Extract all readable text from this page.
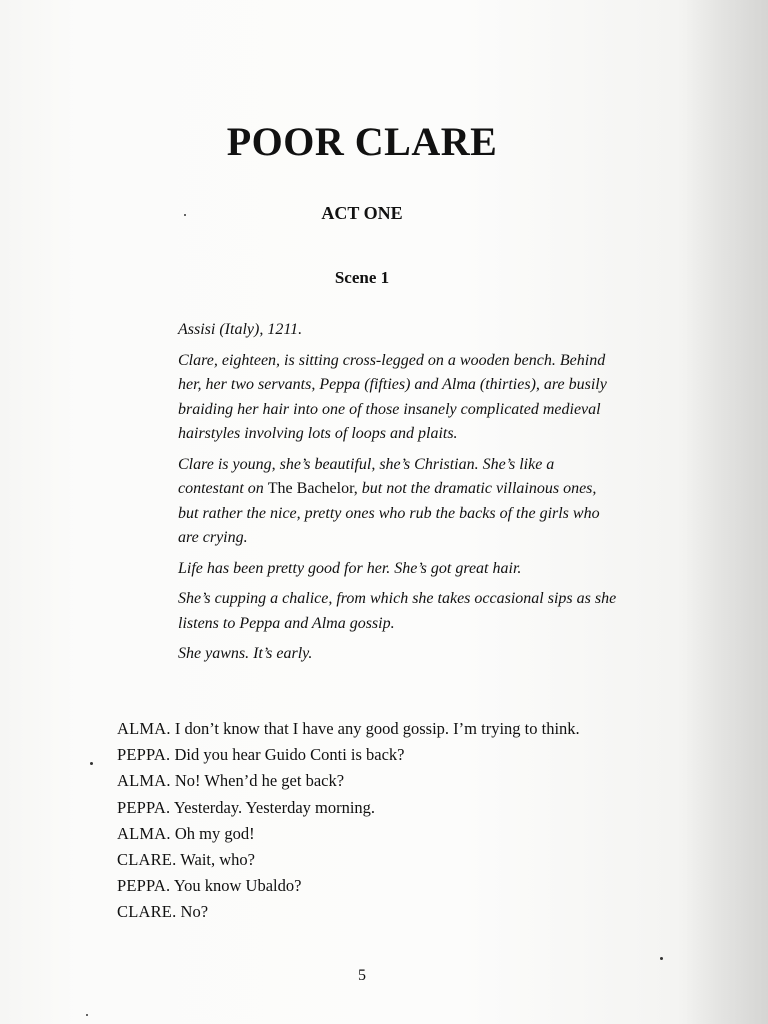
POOR CLARE
ACT ONE
Scene 1

Assisi (Italy), 1211.

Clare, eighteen, is sitting cross-legged on a wooden bench. Behind her, her two servants, Peppa (fifties) and Alma (thirties), are busily braiding her hair into one of those insanely complicated medieval hairstyles involving lots of loops and plaits.

Clare is young, she’s beautiful, she’s Christian. She’s like a contestant on The Bachelor, but not the dramatic villainous ones, but rather the nice, pretty ones who rub the backs of the girls who are crying.

Life has been pretty good for her. She’s got great hair.

She’s cupping a chalice, from which she takes occasional sips as she listens to Peppa and Alma gossip.

She yawns. It’s early.

ALMA. I don’t know that I have any good gossip. I’m trying to think.
PEPPA. Did you hear Guido Conti is back?
ALMA. No! When’d he get back?
PEPPA. Yesterday. Yesterday morning.
ALMA. Oh my god!
CLARE. Wait, who?
PEPPA. You know Ubaldo?
CLARE. No?
5
